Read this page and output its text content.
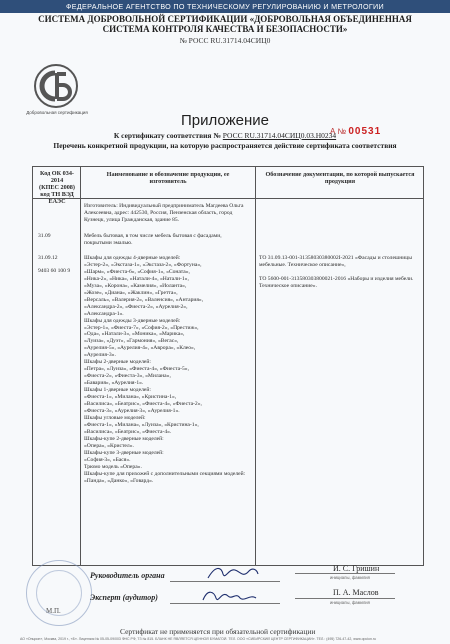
ФЕДЕРАЛЬНОЕ АГЕНТСТВО ПО ТЕХНИЧЕСКОМУ РЕГУЛИРОВАНИЮ И МЕТРОЛОГИИ
СИСТЕМА ДОБРОВОЛЬНОЙ СЕРТИФИКАЦИИ «ДОБРОВОЛЬНАЯ ОБЪЕДИНЕННАЯ
СИСТЕМА КОНТРОЛЯ КАЧЕСТВА И БЕЗОПАСНОСТИ»
№ РОСС RU.31714.04СИЦ0
Добровольная сертификация	Приложение
А № 00531
К сертификату соответствия № РОСС RU.31714.04СИЦ0.03.Н0234
Перечень конкретной продукции, на которую распространяется действие сертификата соответствия
Код ОК 034-2014
(КПЕС 2008)
код ТН ВЭД
ЕАЭС
Наименование и обозначение продукции, ее изготовитель
Обозначение документации, по которой выпускается продукция
Изготовитель: Индивидуальный предприниматель Магдеева Ольга Алексеевна, адрес: 442530, Россия, Пензенская область, город Кузнецк, улица Гражданская, здание 85.
31.09	Мебель бытовая, в том числе мебель бытовая с фасадами, покрытыми эмалью.
31.09.12
9403 60 100 9
Шкафы для одежды 4-дверные моделей:
«Эстер-2», «Экстаза-1», «Экстаза-2», «Фортуна»,
«Шарм», «Фиеста-6», «София-1», «Соната»,
«Ника-2», «Ника», «Натали-4», «Натали-1»,
«Муза», «Корона», «Камелия», «Иоланта»,
«Жозе», «Диана», «Жаклин», «Гретта»,
«Версаль», «Валерия-2», «Валенсия», «Антария»,
«Александра-2», «Фиеста-2», «Аурелия-2»,
«Александра-1».
Шкафы для одежды 3-дверные моделей:
«Эстер-1», «Фиеста-7», «София-2», «Престиж»,
«Ода», «Натали-3», «Моника», «Марика»,
«Луиза», «Дуэт», «Гармония», «Вегас»,
«Аурелия-5», «Аурелия-4», «Аврора», «Клео»,
«Аурелия-3».
Шкафы 2-дверные моделей:
«Петра», «Луиза», «Фиеста-4», «Фиеста-5»,
«Фиеста-2», «Фиеста-3», «Милана»,
«Бавария», «Аурелия-1».
Шкафы 1-дверные моделей:
«Фиеста-1», «Милана», «Кристина-1»,
«Василиса», «Беатрис», «Фиеста-4», «Фиеста-2»,
«Фиеста-3», «Аурелия-3», «Аурелия-1».
Шкафы угловые моделей:
«Фиеста-1», «Милана», «Луиза», «Кристина-1»,
«Василиса», «Беатрис», «Фиеста-4».
Шкафы-купе 2-дверные моделей:
«Опера», «Кристел».
Шкафы-купе 3-дверные моделей:
«София-3», «Бася».
Трюмо модель «Опера».
Шкафы-купе для прихожей с дополнительными секциями моделей:
«Панда», «Данко», «Говард».
ТО 31.09.13-001-31358030380002I-2021 «Фасады и столешницы мебельные. Техническое описание»,
ТО 5600-001-313580303800021-2016 «Наборы и изделия мебели. Техническое описание».
Руководитель органа
И. С. Гришин
инициалы, фамилия
Эксперт (аудитор)
П. А. Маслов
инициалы, фамилия
М.П.
Сертификат не применяется при обязательной сертификации
АО «Опцион», Москва, 2019 г., «Б». Лицензия № 05-05-09/003 ФНС РФ, ТЗ № 815. БЛАНК НЕ ЯВЛЯЕТСЯ ЦЕННОЙ БУМАГОЙ. ТЕЛ. ООО «СИБИРСКИЙ ЦЕНТР СЕРТИФИКАЦИИ». ТЕЛ.: (495) 726-47-42, www.opcion.ru
